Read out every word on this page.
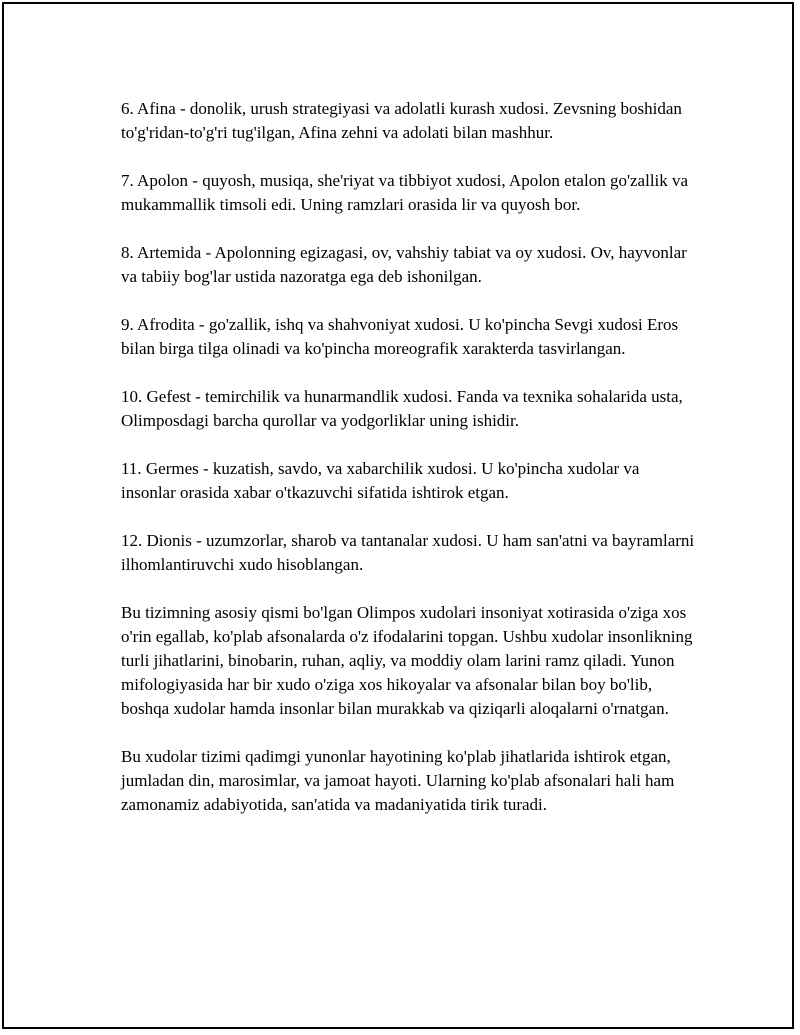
6. Afina - donolik, urush strategiyasi va adolatli kurash xudosi. Zevsning boshidan to'g'ridan-to'g'ri tug'ilgan, Afina zehni va adolati bilan mashhur.

7. Apolon - quyosh, musiqa, she'riyat va tibbiyot xudosi, Apolon etalon go'zallik va mukammallik timsoli edi. Uning ramzlari orasida lir va quyosh bor.

8. Artemida - Apolonning egizagasi, ov, vahshiy tabiat va oy xudosi. Ov, hayvonlar va tabiiy bog'lar ustida nazoratga ega deb ishonilgan.

9. Afrodita - go'zallik, ishq va shahvoniyat xudosi. U ko'pincha Sevgi xudosi Eros bilan birga tilga olinadi va ko'pincha moreografik xarakterda tasvirlangan.

10. Gefest - temirchilik va hunarmandlik xudosi. Fanda va texnika sohalarida usta, Olimposdagi barcha qurollar va yodgorliklar uning ishidir.

11. Germes - kuzatish, savdo, va xabarchilik xudosi. U ko'pincha xudolar va insonlar orasida xabar o'tkazuvchi sifatida ishtirok etgan.

12. Dionis - uzumzorlar, sharob va tantanalar xudosi. U ham san'atni va bayramlarni ilhomlantiruvchi xudo hisoblangan.

Bu tizimning asosiy qismi bo'lgan Olimpos xudolari insoniyat xotirasida o'ziga xos o'rin egallab, ko'plab afsonalarda o'z ifodalarini topgan. Ushbu xudolar insonlikning turli jihatlarini, binobarin, ruhan, aqliy, va moddiy olam larini ramz qiladi. Yunon mifologiyasida har bir xudo o'ziga xos hikoyalar va afsonalar bilan boy bo'lib, boshqa xudolar hamda insonlar bilan murakkab va qiziqarli aloqalarni o'rnatgan.

Bu xudolar tizimi qadimgi yunonlar hayotining ko'plab jihatlarida ishtirok etgan, jumladan din, marosimlar, va jamoat hayoti. Ularning ko'plab afsonalari hali ham zamonamiz adabiyotida, san'atida va madaniyatida tirik turadi.
